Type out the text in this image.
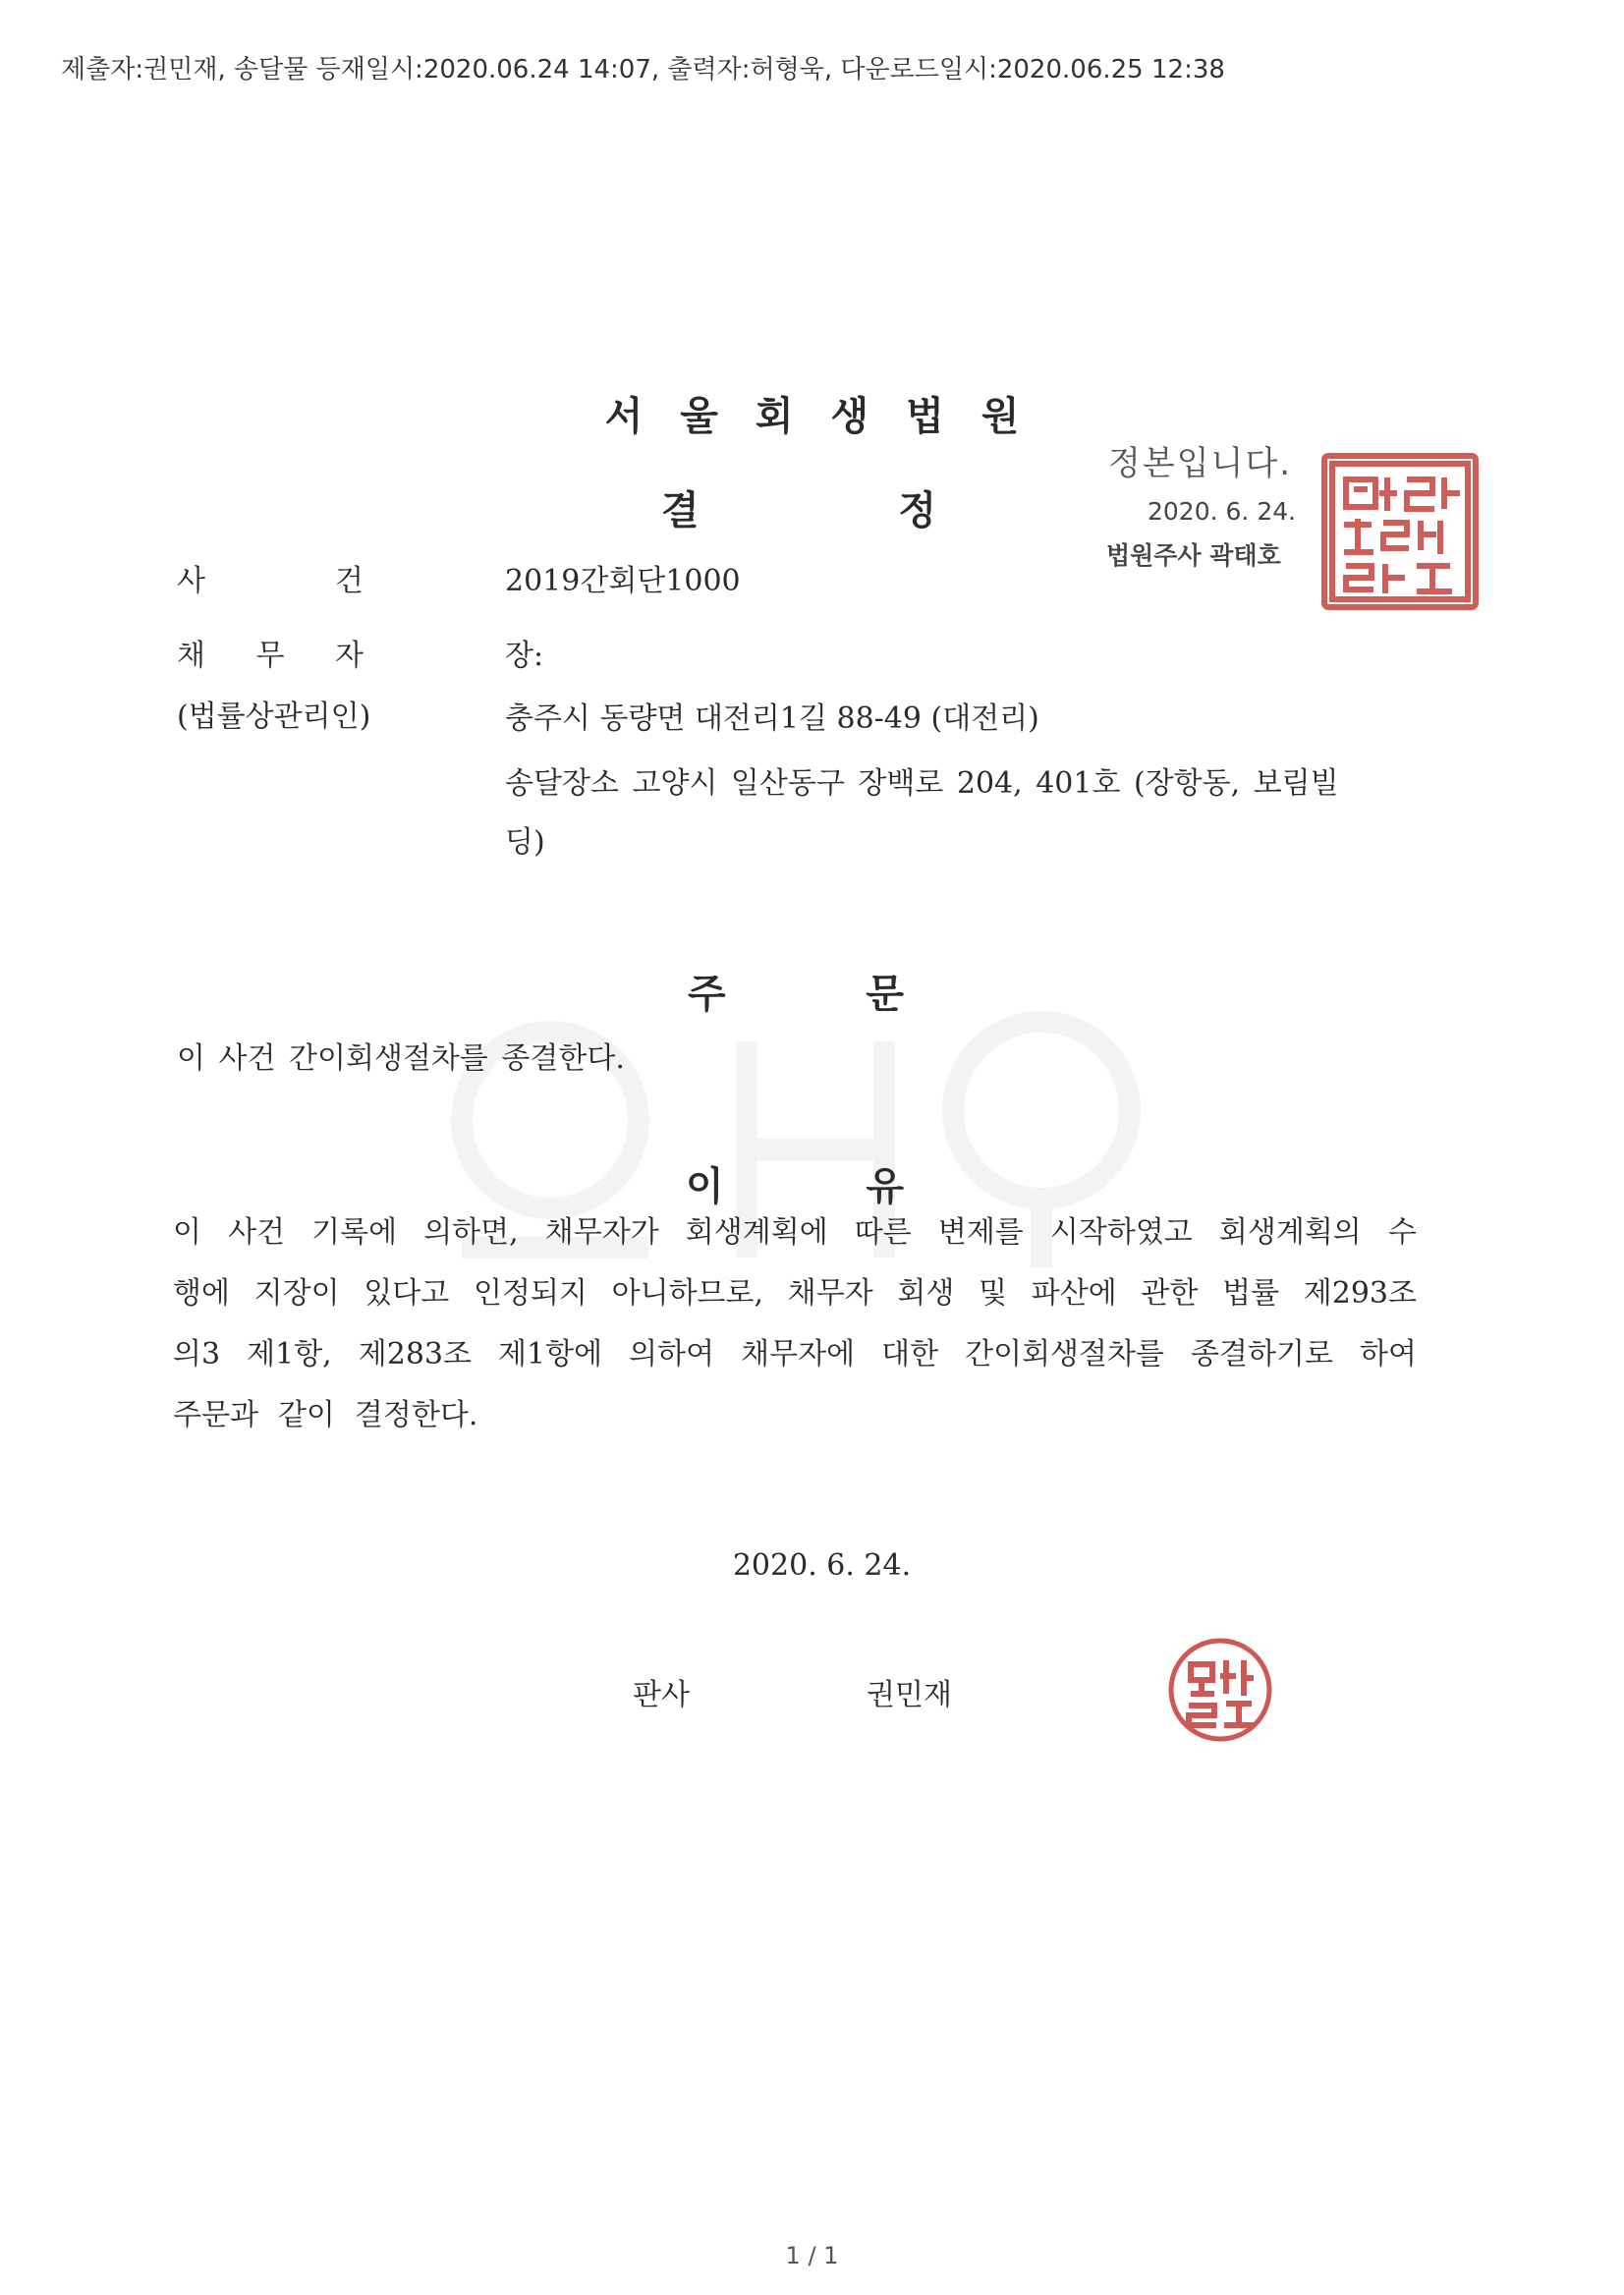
제출자:권민재, 송달물 등재일시:2020.06.24 14:07, 출력자:허형욱, 다운로드일시:2020.06.25 12:38
서울회생법원
결	정
정본입니다.
2020. 6. 24.
법원주사 곽태호
사	건	2019간회단1000
채 무 자	장:
(법률상관리인)	충주시 동량면 대전리1길 88-49 (대전리)
송달장소 고양시 일산동구 장백로 204, 401호 (장항동, 보림빌
딩)
주	문
이 사건 간이회생절차를 종결한다.
이	유
이 사건 기록에 의하면, 채무자가 회생계획에 따른 변제를 시작하였고 회생계획의 수
행에 지장이 있다고 인정되지 아니하므로, 채무자 회생 및 파산에 관한 법률 제293조
의3 제1항, 제283조 제1항에 의하여 채무자에 대한 간이회생절차를 종결하기로 하여
주문과 같이 결정한다.
2020. 6. 24.
판사	권민재
1 / 1
